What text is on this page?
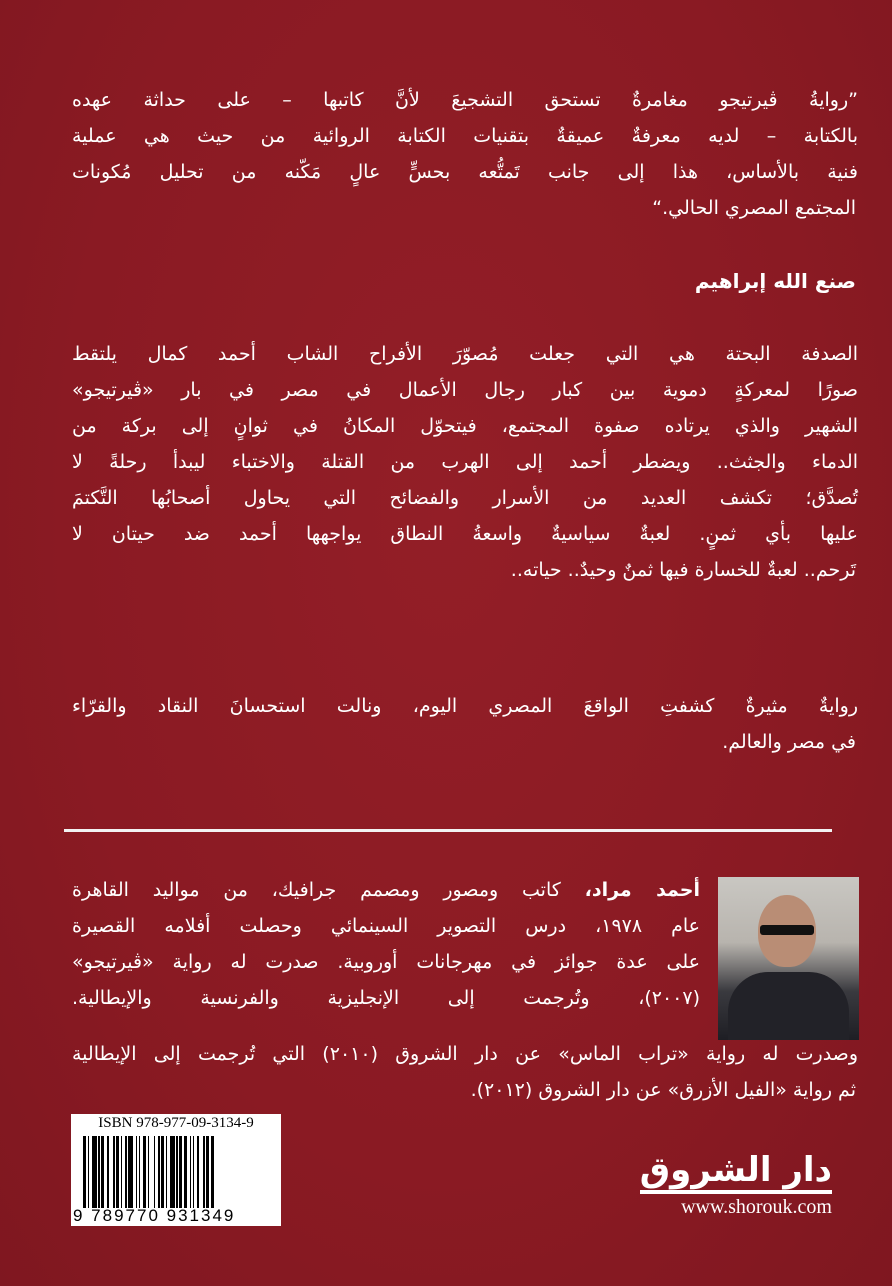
”روايةُ ڤيرتيجو مغامرةٌ تستحق التشجيعَ لأنَّ كاتبها – على حداثة عهده
بالكتابة – لديه معرفةٌ عميقةٌ بتقنيات الكتابة الروائية من حيث هي عملية
فنية بالأساس، هذا إلى جانب تَمتُّعه بحسٍّ عالٍ مَكّنه من تحليل مُكونات
المجتمع المصري الحالي.“
صنع الله إبراهيم
الصدفة البحتة هي التي جعلت مُصوّرَ الأفراح الشاب أحمد كمال يلتقط
صورًا لمعركةٍ دموية بين كبار رجال الأعمال في مصر في بار «ڤيرتيجو»
الشهير والذي يرتاده صفوة المجتمع، فيتحوّل المكانُ في ثوانٍ إلى بركة من
الدماء والجثث.. ويضطر أحمد إلى الهرب من القتلة والاختباء ليبدأ رحلةً لا
تُصدَّق؛ تكشف العديد من الأسرار والفضائح التي يحاول أصحابُها التَّكتمَ
عليها بأي ثمنٍ. لعبةٌ سياسيةٌ واسعةُ النطاق يواجهها أحمد ضد حيتان لا
تَرحم.. لعبةٌ للخسارة فيها ثمنٌ وحيدٌ.. حياته..
روايةٌ مثيرةٌ كشفتِ الواقعَ المصري اليوم، ونالت استحسانَ النقاد والقرّاء
في مصر والعالم.
أحمد مراد، كاتب ومصور ومصمم جرافيك، من مواليد القاهرة
عام ١٩٧٨، درس التصوير السينمائي وحصلت أفلامه القصيرة
على عدة جوائز في مهرجانات أوروبية. صدرت له رواية «ڤيرتيجو»
(٢٠٠٧)، وتُرجمت إلى الإنجليزية والفرنسية والإيطالية.
وصدرت له رواية «تراب الماس» عن دار الشروق (٢٠١٠) التي تُرجمت إلى الإيطالية
ثم رواية «الفيل الأزرق» عن دار الشروق (٢٠١٢).
ISBN 978-977-09-3134-9
9 789770 931349
دار الشروق
www.shorouk.com
